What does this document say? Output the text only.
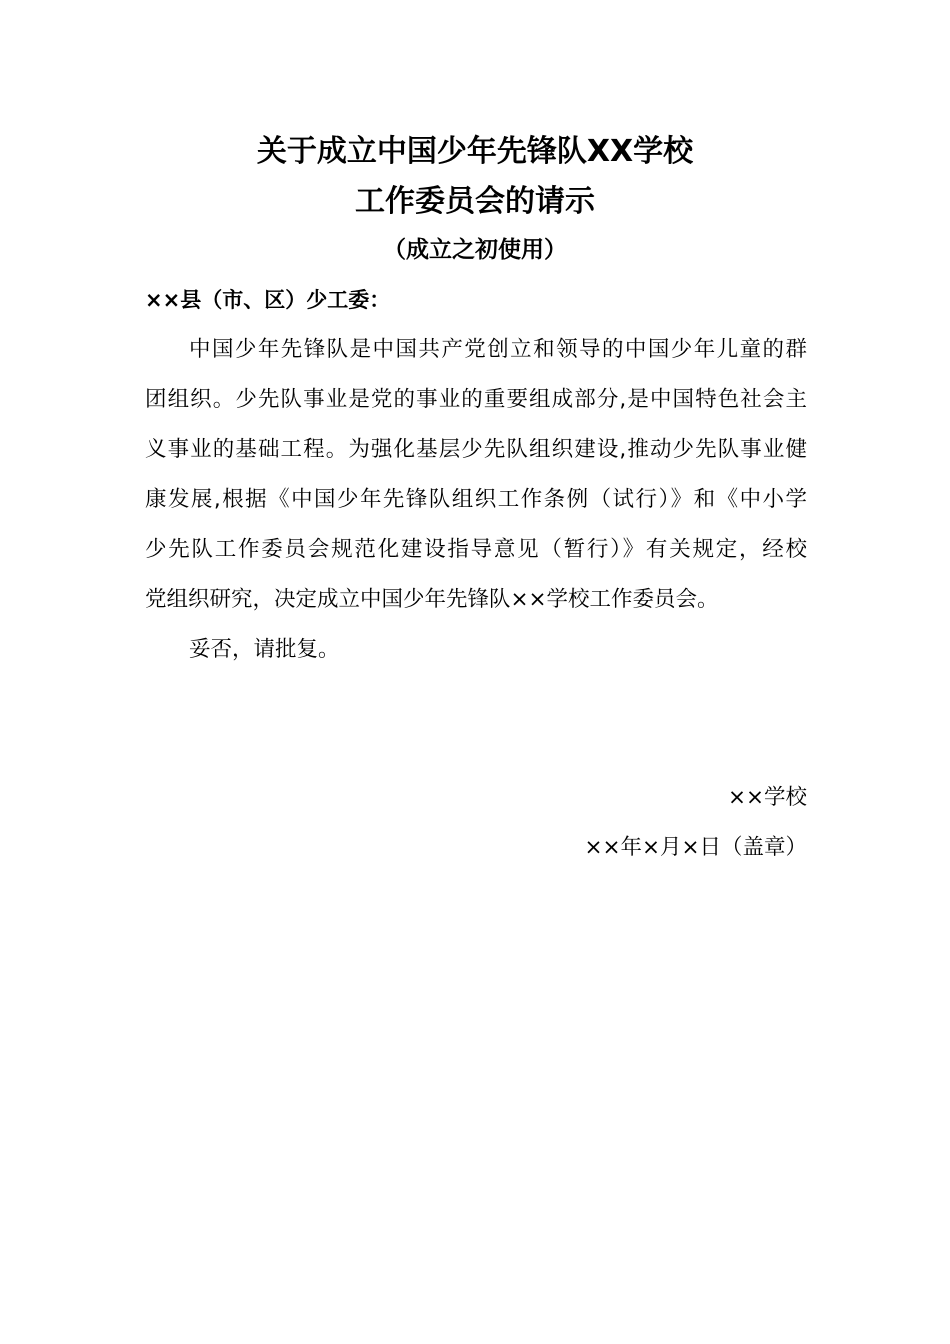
关于成立中国少年先锋队XX学校
工作委员会的请示
（成立之初使用）
××县（市、区）少工委：
中国少年先锋队是中国共产党创立和领导的中国少年儿童的群
团组织。少先队事业是党的事业的重要组成部分,是中国特色社会主
义事业的基础工程。为强化基层少先队组织建设,推动少先队事业健
康发展,根据《中国少年先锋队组织工作条例（试行）》和《中小学
少先队工作委员会规范化建设指导意见（暂行）》有关规定，经校
党组织研究，决定成立中国少年先锋队××学校工作委员会。
妥否，请批复。
××学校
××年×月×日（盖章）
